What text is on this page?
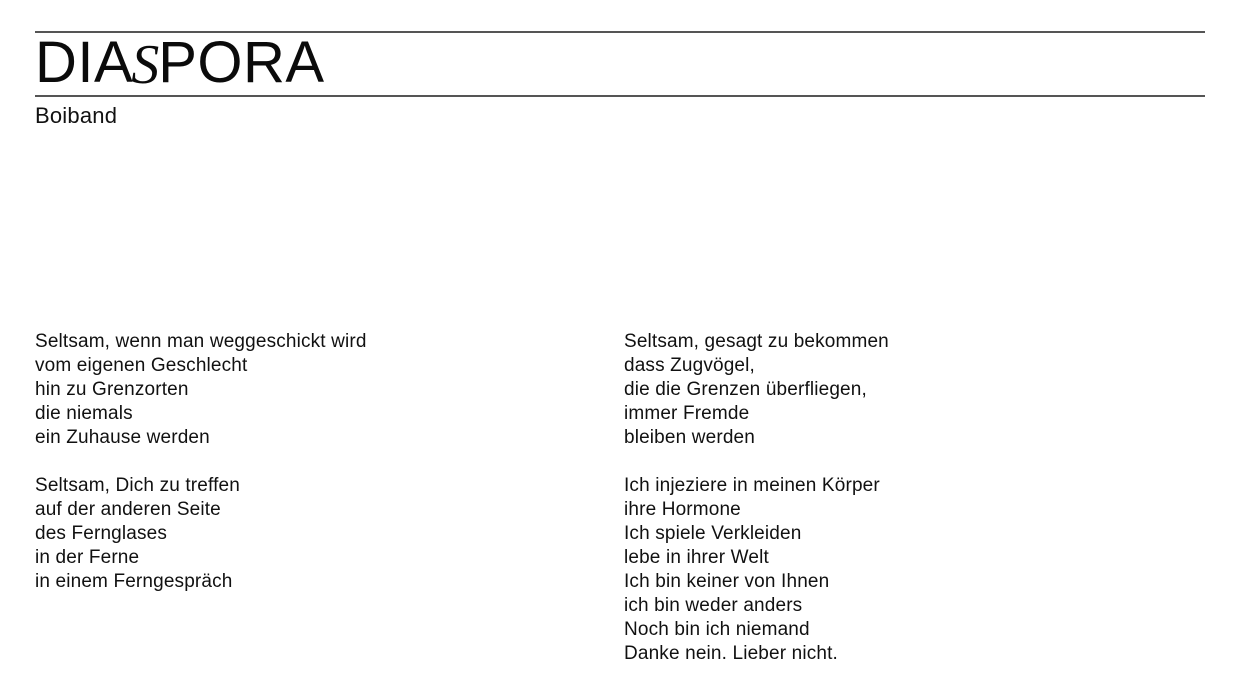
DIASPORA

Boiband

Seltsam, wenn man weggeschickt wird
vom eigenen Geschlecht
hin zu Grenzorten
die niemals
ein Zuhause werden
Seltsam, Dich zu treffen
auf der anderen Seite
des Fernglases
in der Ferne
in einem Ferngespräch
Seltsam, gesagt zu bekommen
dass Zugvögel,
die die Grenzen überfliegen,
immer Fremde
bleiben werden
Ich injeziere in meinen Körper
ihre Hormone
Ich spiele Verkleiden
lebe in ihrer Welt
Ich bin keiner von Ihnen
ich bin weder anders
Noch bin ich niemand
Danke nein. Lieber nicht.
